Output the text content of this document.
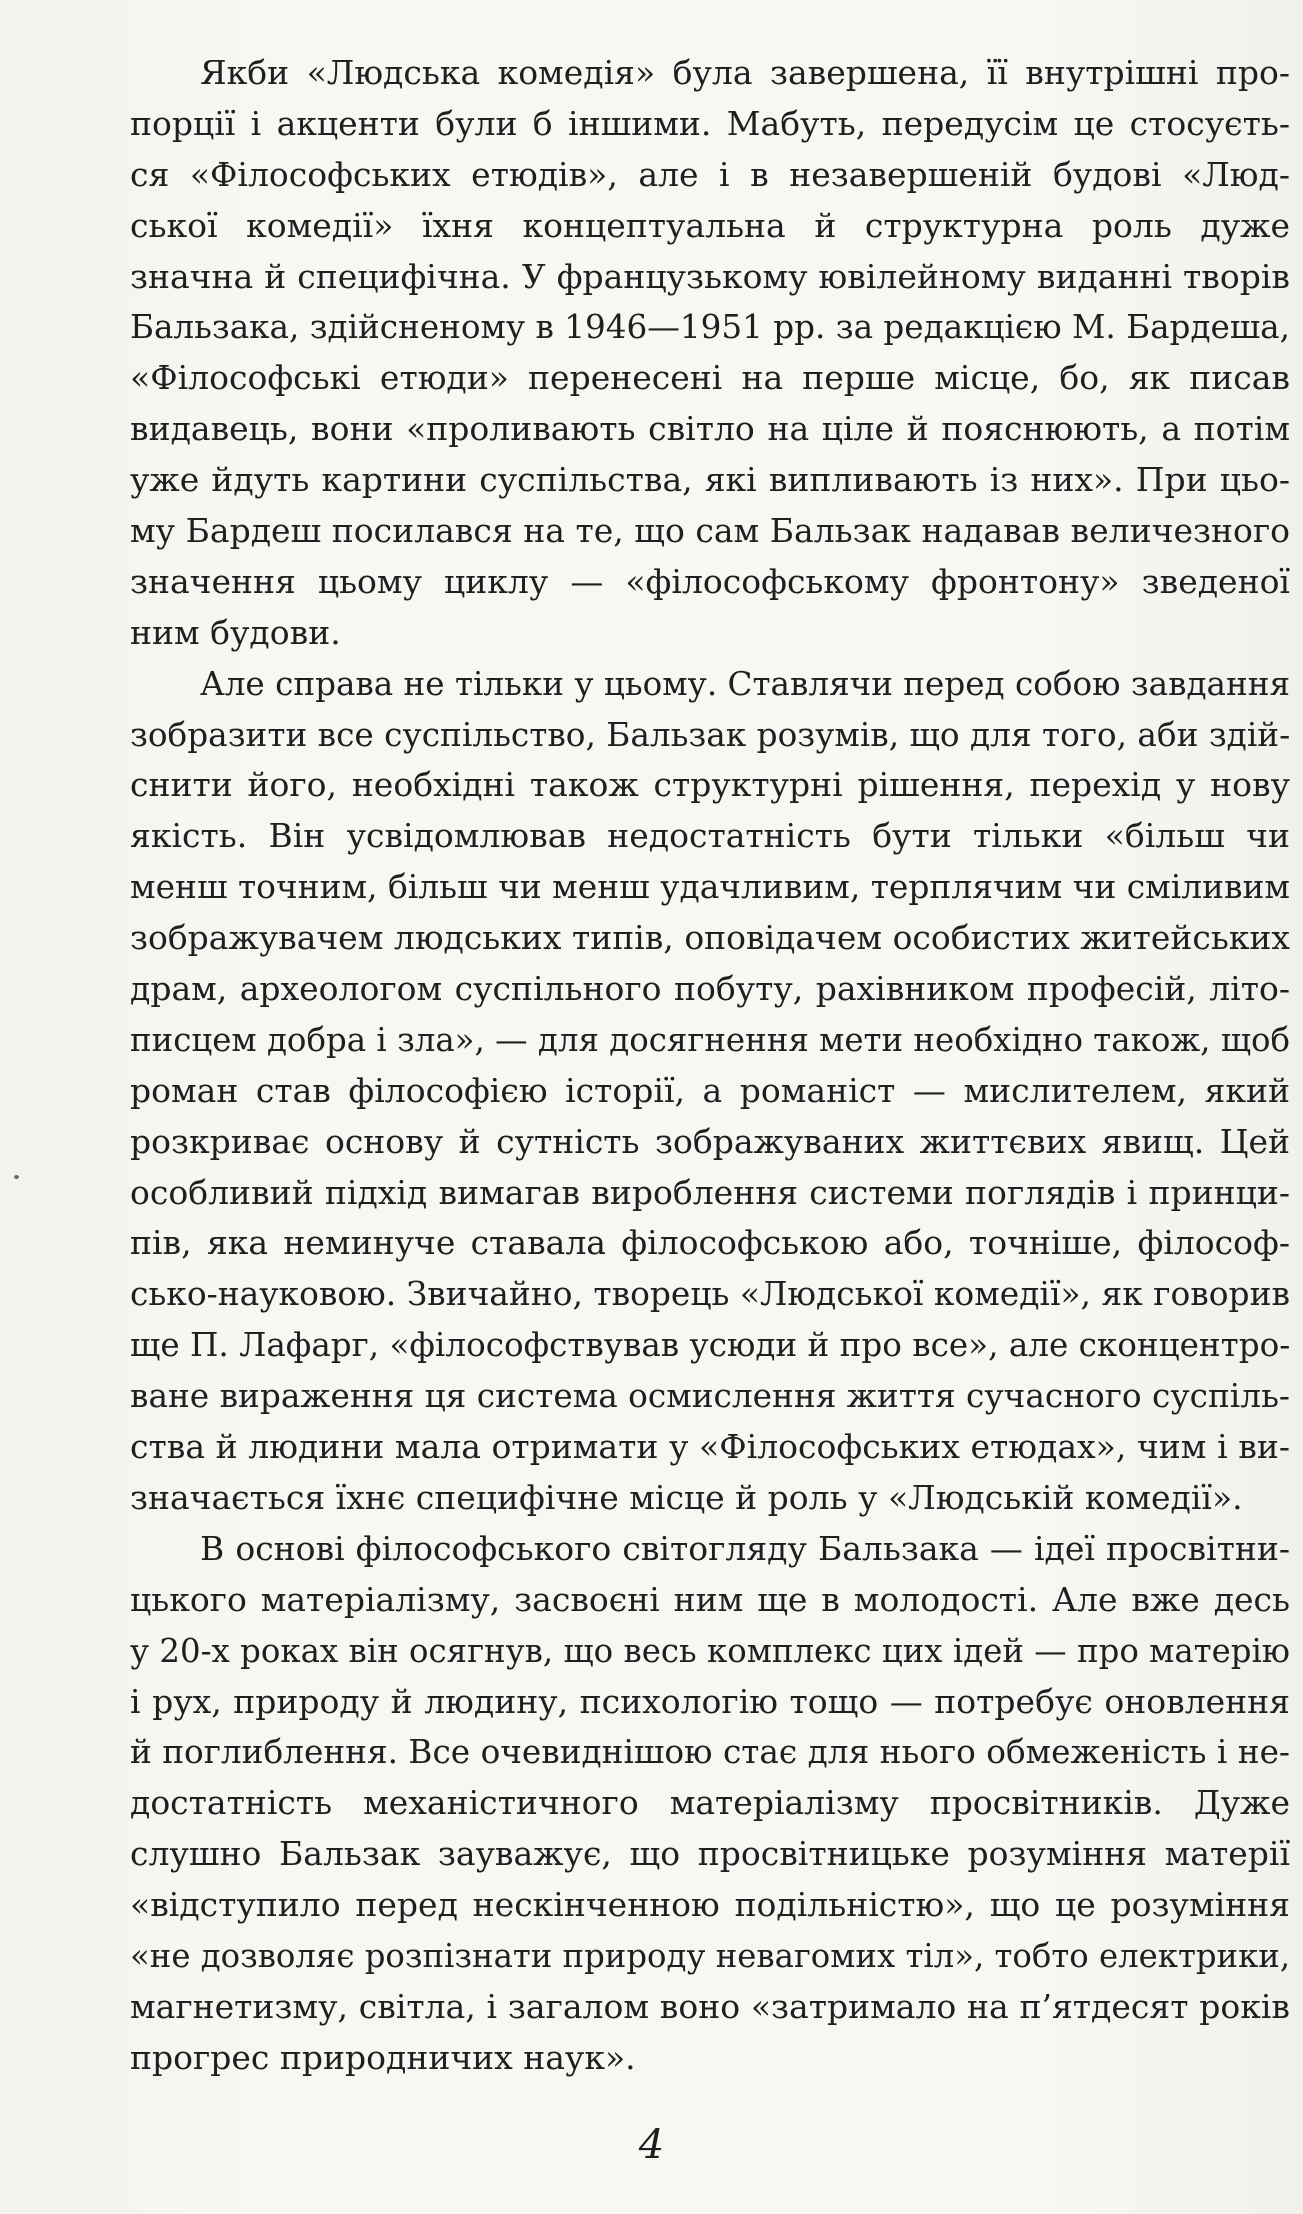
Якби «Людська комедія» була завершена, її внутрішні про-
порції і акценти були б іншими. Мабуть, передусім це стосуєть-
ся «Філософських етюдів», але і в незавершеній будові «Люд-
ської комедії» їхня концептуальна й структурна роль дуже
значна й специфічна. У французькому ювілейному виданні творів
Бальзака, здійсненому в 1946—1951 рр. за редакцією М. Бардеша,
«Філософські етюди» перенесені на перше місце, бо, як писав
видавець, вони «проливають світло на ціле й пояснюють, а потім
уже йдуть картини суспільства, які випливають із них». При цьо-
му Бардеш посилався на те, що сам Бальзак надавав величезного
значення цьому циклу — «філософському фронтону» зведеної
ним будови.
Але справа не тільки у цьому. Ставлячи перед собою завдання
зобразити все суспільство, Бальзак розумів, що для того, аби здій-
снити його, необхідні також структурні рішення, перехід у нову
якість. Він усвідомлював недостатність бути тільки «більш чи
менш точним, більш чи менш удачливим, терплячим чи сміливим
зображувачем людських типів, оповідачем особистих житейських
драм, археологом суспільного побуту, рахівником професій, літо-
писцем добра і зла», — для досягнення мети необхідно також, щоб
роман став філософією історії, а романіст — мислителем, який
розкриває основу й сутність зображуваних життєвих явищ. Цей
особливий підхід вимагав вироблення системи поглядів і принци-
пів, яка неминуче ставала філософською або, точніше, філософ-
сько-науковою. Звичайно, творець «Людської комедії», як говорив
ще П. Лафарг, «філософствував усюди й про все», але сконцентро-
ване вираження ця система осмислення життя сучасного суспіль-
ства й людини мала отримати у «Філософських етюдах», чим і ви-
значається їхнє специфічне місце й роль у «Людській комедії».
В основі філософського світогляду Бальзака — ідеї просвітни-
цького матеріалізму, засвоєні ним ще в молодості. Але вже десь
у 20-х роках він осягнув, що весь комплекс цих ідей — про матерію
і рух, природу й людину, психологію тощо — потребує оновлення
й поглиблення. Все очевиднішою стає для нього обмеженість і не-
достатність механістичного матеріалізму просвітників. Дуже
слушно Бальзак зауважує, що просвітницьке розуміння матерії
«відступило перед нескінченною подільністю», що це розуміння
«не дозволяє розпізнати природу невагомих тіл», тобто електрики,
магнетизму, світла, і загалом воно «затримало на п’ятдесят років
прогрес природничих наук».
4
